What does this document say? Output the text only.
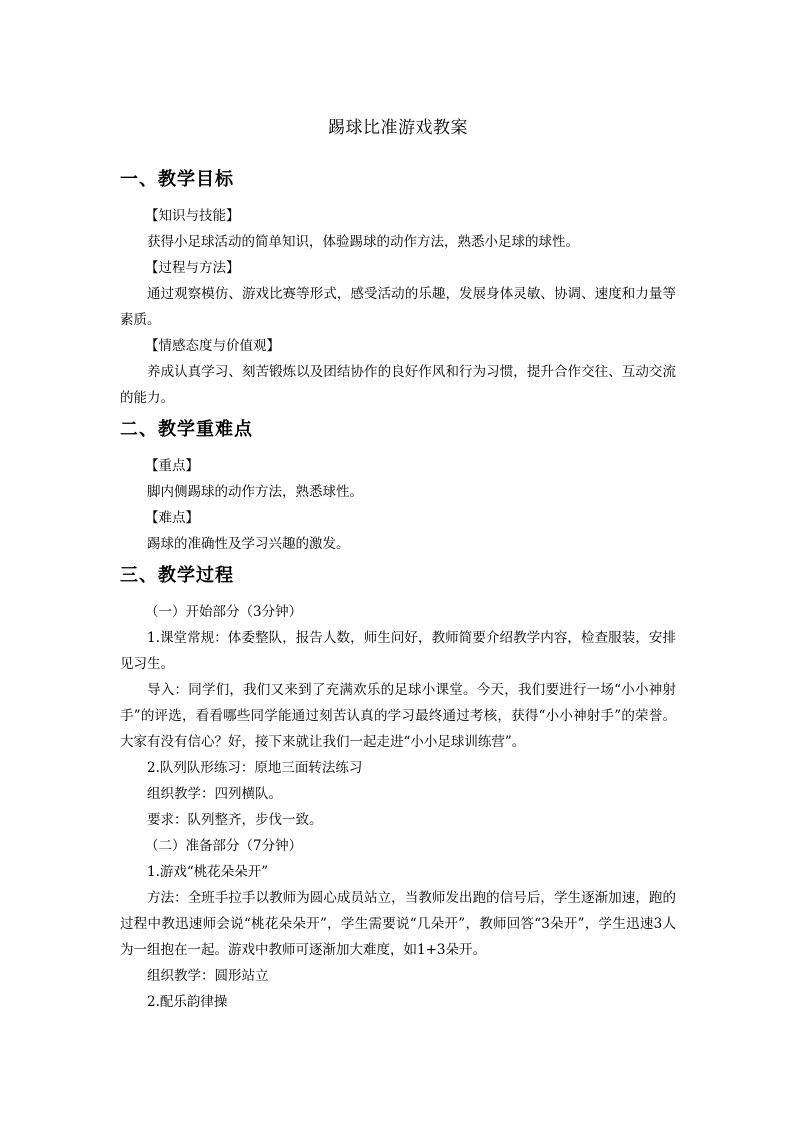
踢球比准游戏教案
一、教学目标

【知识与技能】

获得小足球活动的简单知识，体验踢球的动作方法，熟悉小足球的球性。

【过程与方法】

通过观察模仿、游戏比赛等形式，感受活动的乐趣，发展身体灵敏、协调、速度和力量等素质。

【情感态度与价值观】

养成认真学习、刻苦锻炼以及团结协作的良好作风和行为习惯，提升合作交往、互动交流的能力。

二、教学重难点

【重点】

脚内侧踢球的动作方法，熟悉球性。

【难点】

踢球的准确性及学习兴趣的激发。

三、教学过程

（一）开始部分（3分钟）

1.课堂常规：体委整队，报告人数，师生问好，教师简要介绍教学内容，检查服装，安排见习生。

导入：同学们，我们又来到了充满欢乐的足球小课堂。今天，我们要进行一场“小小神射手”的评选，看看哪些同学能通过刻苦认真的学习最终通过考核，获得“小小神射手”的荣誉。大家有没有信心？好，接下来就让我们一起走进“小小足球训练营”。

2.队列队形练习：原地三面转法练习

组织教学：四列横队。

要求：队列整齐，步伐一致。

（二）准备部分（7分钟）

1.游戏“桃花朵朵开”

方法：全班手拉手以教师为圆心成员站立，当教师发出跑的信号后，学生逐渐加速，跑的过程中教迅速师会说“桃花朵朵开”，学生需要说“几朵开”，教师回答“3朵开”，学生迅速3人为一组抱在一起。游戏中教师可逐渐加大难度，如1+3朵开。

组织教学：圆形站立

2.配乐韵律操
